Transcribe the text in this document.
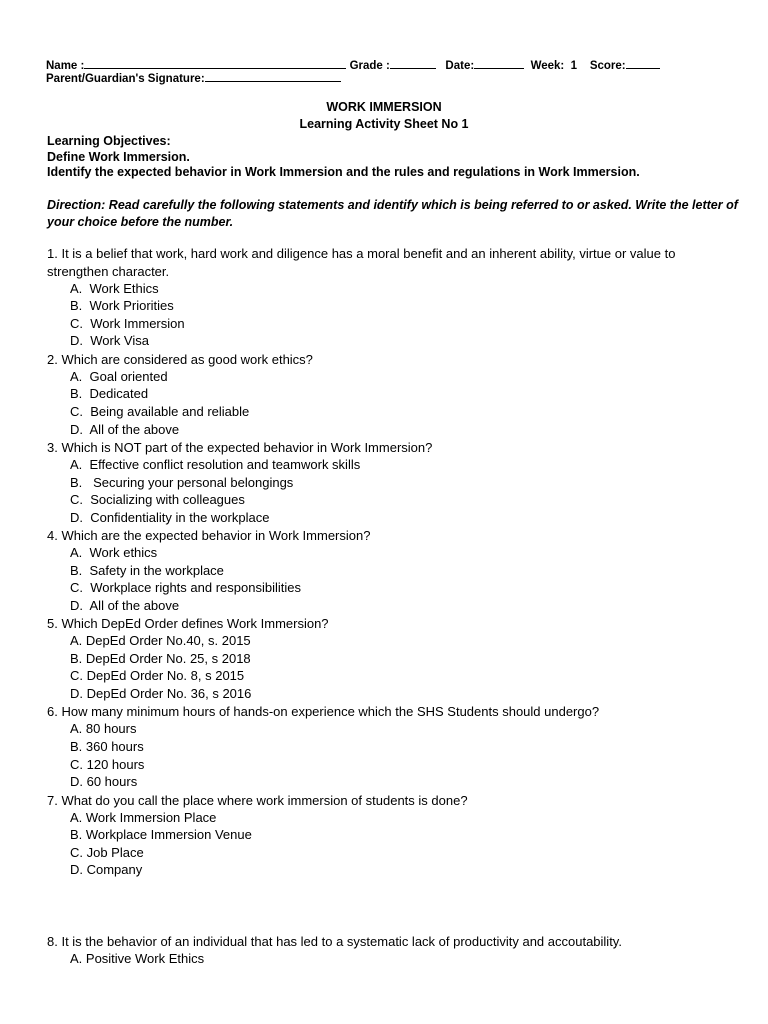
Name :	Grade :	Date:	Week: 1 Score:
Parent/Guardian's Signature:
WORK IMMERSION
Learning Activity Sheet No 1
Learning Objectives:
Define Work Immersion.
Identify the expected behavior in Work Immersion and the rules and regulations in Work Immersion.
Direction: Read carefully the following statements and identify which is being referred to or asked. Write the letter of your choice before the number.
1. It is a belief that work, hard work and diligence has a moral benefit and an inherent ability, virtue or value to strengthen character.
A.  Work Ethics
B.  Work Priorities
C.  Work Immersion
D.  Work Visa
2. Which are considered as good work ethics?
A.  Goal oriented
B.  Dedicated
C.  Being available and reliable
D.  All of the above
3. Which is NOT part of the expected behavior in Work Immersion?
A.  Effective conflict resolution and teamwork skills
B.   Securing your personal belongings
C.  Socializing with colleagues
D.  Confidentiality in the workplace
4. Which are the expected behavior in Work Immersion?
A.  Work ethics
B.  Safety in the workplace
C.  Workplace rights and responsibilities
D.  All of the above
5. Which DepEd Order defines Work Immersion?
A. DepEd Order No.40, s. 2015
B. DepEd Order No. 25, s 2018
C. DepEd Order No. 8, s 2015
D. DepEd Order No. 36, s 2016
6. How many minimum hours of hands-on experience which the SHS Students should undergo?
A. 80 hours
B. 360 hours
C. 120 hours
D. 60 hours
7. What do you call the place where work immersion of students is done?
A. Work Immersion Place
B. Workplace Immersion Venue
C. Job Place
D. Company
8. It is the behavior of an individual that has led to a systematic lack of productivity and accoutability.
A. Positive Work Ethics
